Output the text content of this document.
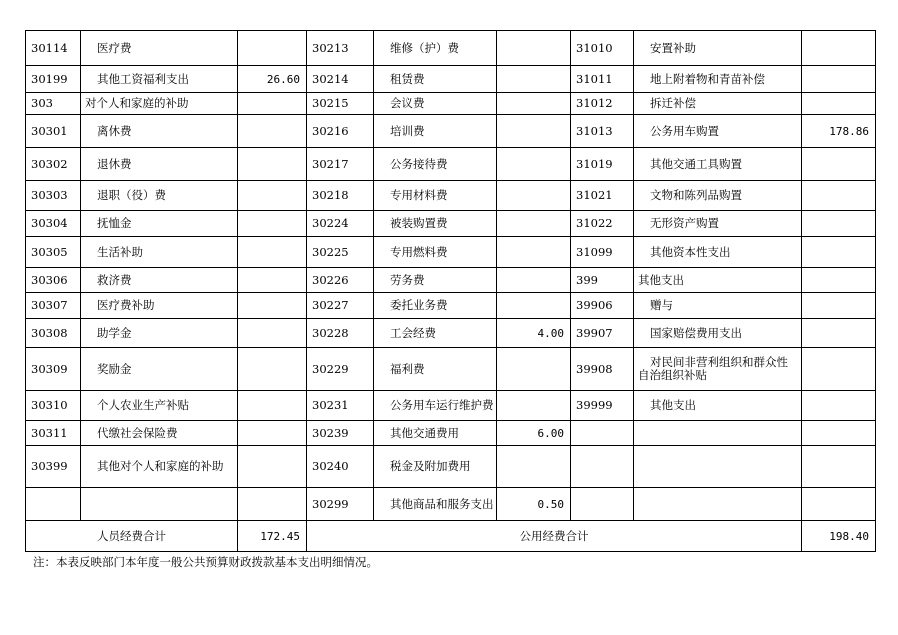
30114	医疗费		30213	维修（护）费		31010	安置补助	
30199	其他工资福利支出	26.60	30214	租赁费		31011	地上附着物和青苗补偿	
303	对个人和家庭的补助		30215	会议费		31012	拆迁补偿	
30301	离休费		30216	培训费		31013	公务用车购置	178.86
30302	退休费		30217	公务接待费		31019	其他交通工具购置	
30303	退职（役）费		30218	专用材料费		31021	文物和陈列品购置	
30304	抚恤金		30224	被装购置费		31022	无形资产购置	
30305	生活补助		30225	专用燃料费		31099	其他资本性支出	
30306	救济费		30226	劳务费		399	其他支出	
30307	医疗费补助		30227	委托业务费		39906	赠与	
30308	助学金		30228	工会经费	4.00	39907	国家赔偿费用支出	
30309	奖励金		30229	福利费		39908	对民间非营利组织和群众性自治组织补贴	
30310	个人农业生产补贴		30231	公务用车运行维护费		39999	其他支出	
30311	代缴社会保险费		30239	其他交通费用	6.00			
30399	其他对个人和家庭的补助		30240	税金及附加费用				
			30299	其他商品和服务支出	0.50			
人员经费合计		172.45	公用经费合计					198.40
注：本表反映部门本年度一般公共预算财政拨款基本支出明细情况。
